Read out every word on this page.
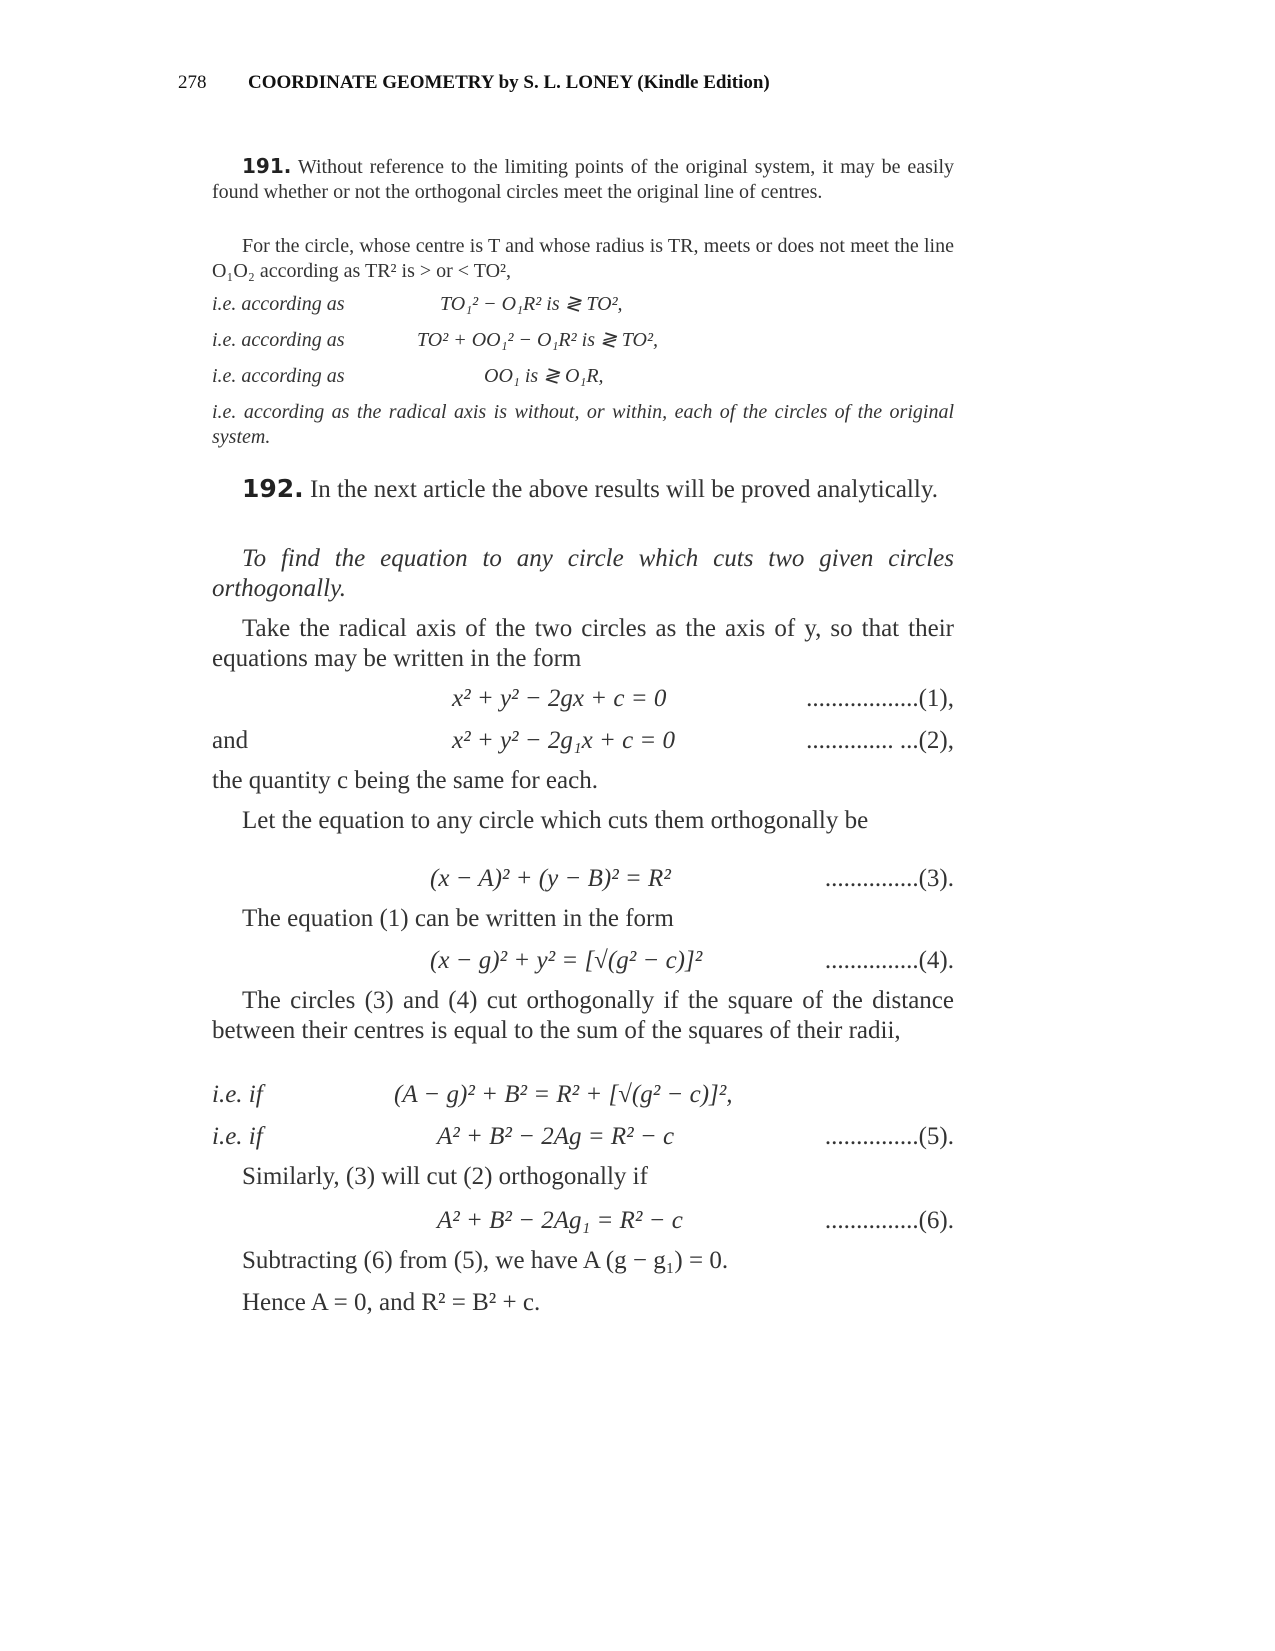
278 COORDINATE GEOMETRY by S. L. LONEY (Kindle Edition)
191. Without reference to the limiting points of the original system, it may be easily found whether or not the orthogonal circles meet the original line of centres.
For the circle, whose centre is T and whose radius is TR, meets or does not meet the line O₁O₂ according as TR² is > or < TO²,
i.e. according as	TO₁² − O₁R² is ≷ TO²,
i.e. according as	TO² + OO₁² − O₁R² is ≷ TO²,
i.e. according as	OO₁ is ≷ O₁R,
i.e. according as the radical axis is without, or within, each of the circles of the original system.
192. In the next article the above results will be proved analytically.
To find the equation to any circle which cuts two given circles orthogonally.
Take the radical axis of the two circles as the axis of y, so that their equations may be written in the form
x² + y² − 2gx + c = 0	..................(1),
and	x² + y² − 2g₁x + c = 0	.............. ...(2),
the quantity c being the same for each.
Let the equation to any circle which cuts them orthogonally be
(x − A)² + (y − B)² = R²	...............(3).
The equation (1) can be written in the form
(x − g)² + y² = [√(g² − c)]²	...............(4).
The circles (3) and (4) cut orthogonally if the square of the distance between their centres is equal to the sum of the squares of their radii,
i.e. if	(A − g)² + B² = R² + [√(g² − c)]²,
i.e. if	A² + B² − 2Ag = R² − c	...............(5).
Similarly, (3) will cut (2) orthogonally if
A² + B² − 2Ag₁ = R² − c	...............(6).
Subtracting (6) from (5), we have A (g − g₁) = 0.
Hence A = 0, and R² = B² + c.
